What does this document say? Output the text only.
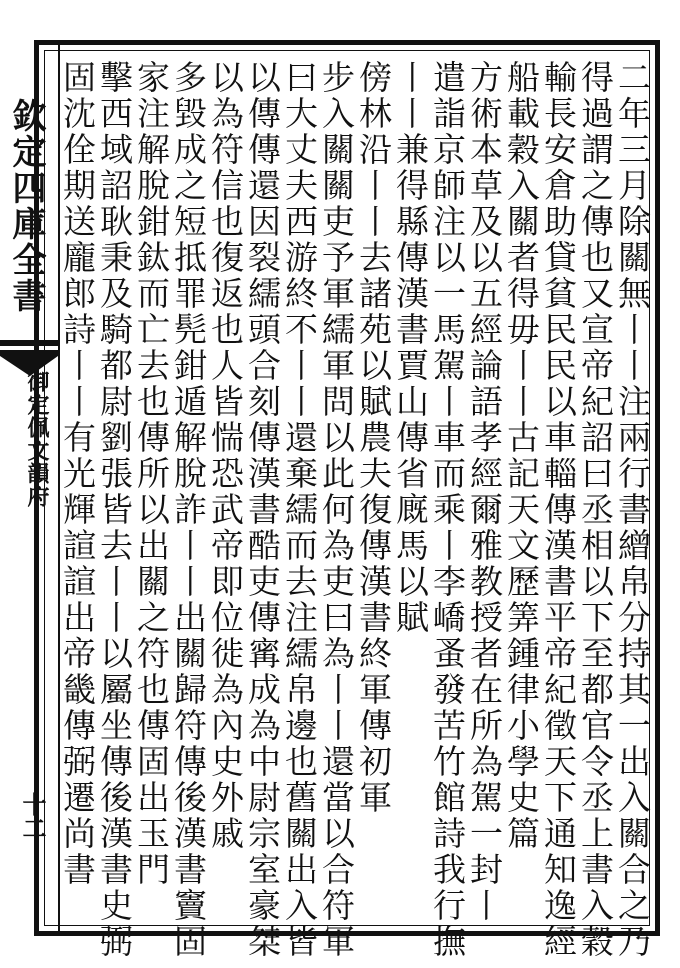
欽定四庫全書
御定佩文韻府
十二	二年三月除關無丨丨注兩行書繒帛分持其一出入關合之乃
得過謂之傳也又宣帝紀詔曰丞相以下至都官令丞上書入穀
輸長安倉助貸貧民民以車輜傳漢書平帝紀徵天下通知逸經
船載穀入關者得毋丨丨古記天文歷筭鍾律小學史篇
方術本草及以五經論語孝經爾雅教授者在所為駕一封丨
遣詣京師注以一馬駕丨車而乘丨李嶠蚤發苦竹館詩我行撫
丨丨兼得縣傳漢書賈山傳省廐馬以賦
傍林沿丨丨去諸苑以賦農夫復傳漢書終軍傳初軍
步入關關吏予軍繻軍問以此何為吏曰為丨丨還當以合符軍
曰大丈夫西游終不丨丨還棄繻而去注繻帛邊也舊關出入皆
以傳傳還因裂繻頭合刻傳漢書酷吏傳寗成為中尉宗室豪桀
以為符信也復返也人皆惴恐武帝即位徙為內史外戚
多毀成之短抵罪髡鉗遁解脫詐丨丨出關歸符傳後漢書竇固
家注解脫鉗鈦而亡去也傳所以出關之符也傳固出玉門
擊西域詔耿秉及騎都尉劉張皆去丨丨以屬坐傳後漢書史弼
固沈佺期送龐郎詩丨丨有光輝諠諠出帝畿傳弼遷尚書
